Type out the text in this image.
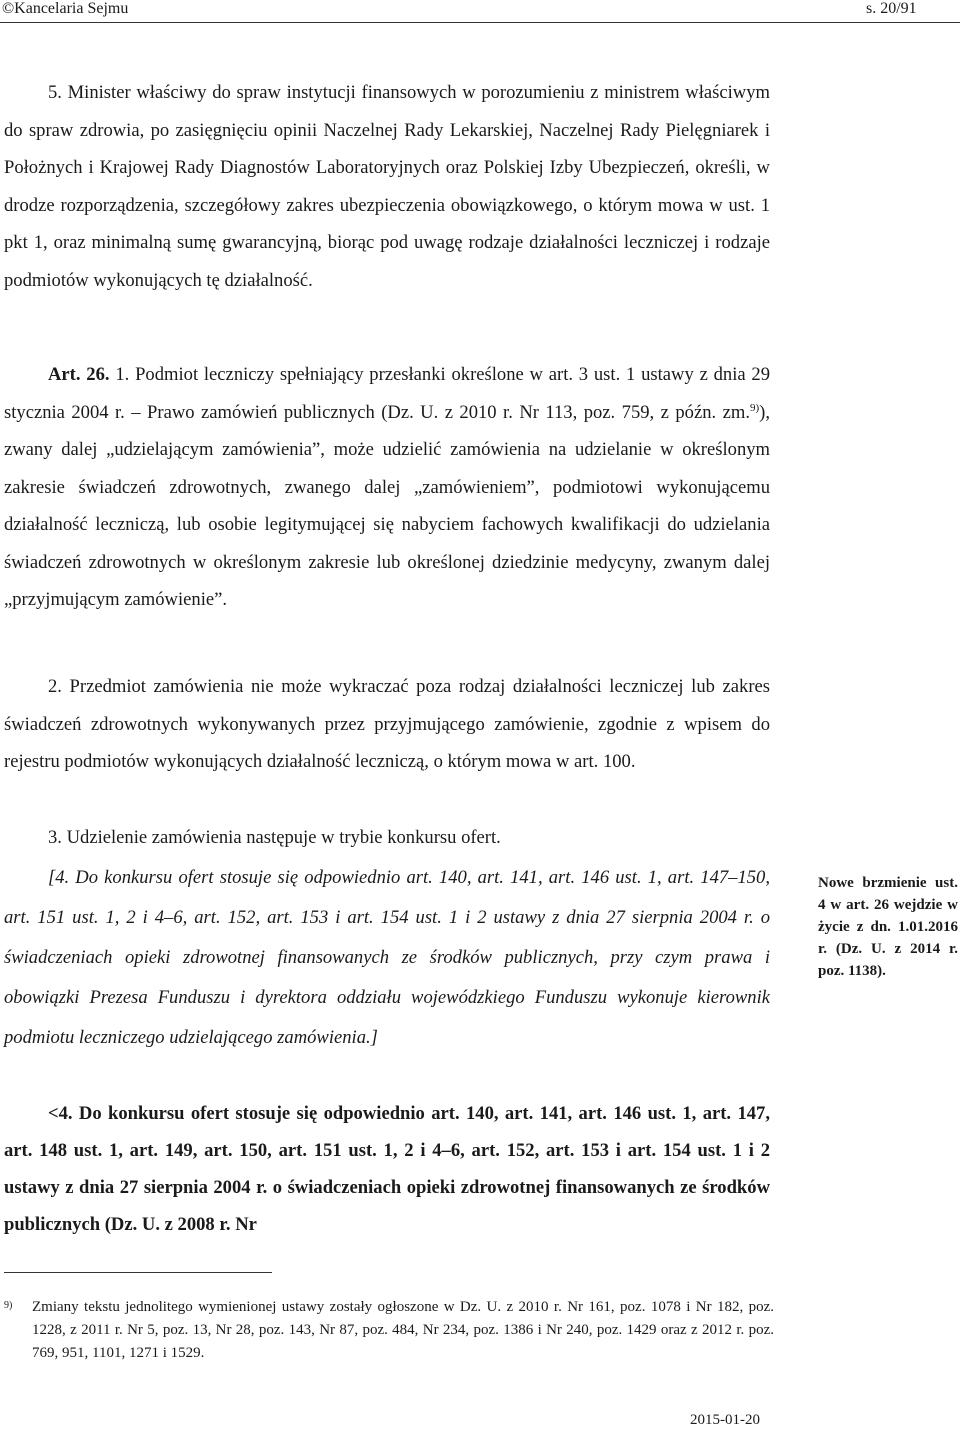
©Kancelaria Sejmu	s. 20/91
5. Minister właściwy do spraw instytucji finansowych w porozumieniu z ministrem właściwym do spraw zdrowia, po zasięgnięciu opinii Naczelnej Rady Lekarskiej, Naczelnej Rady Pielęgniarek i Położnych i Krajowej Rady Diagnostów Laboratoryjnych oraz Polskiej Izby Ubezpieczeń, określi, w drodze rozporządzenia, szczegółowy zakres ubezpieczenia obowiązkowego, o którym mowa w ust. 1 pkt 1, oraz minimalną sumę gwarancyjną, biorąc pod uwagę rodzaje działalności leczniczej i rodzaje podmiotów wykonujących tę działalność.
Art. 26. 1. Podmiot leczniczy spełniający przesłanki określone w art. 3 ust. 1 ustawy z dnia 29 stycznia 2004 r. – Prawo zamówień publicznych (Dz. U. z 2010 r. Nr 113, poz. 759, z późn. zm.$^{9)}$), zwany dalej „udzielającym zamówienia”, może udzielić zamówienia na udzielanie w określonym zakresie świadczeń zdrowotnych, zwanego dalej „zamówieniem”, podmiotowi wykonującemu działalność leczniczą, lub osobie legitymującej się nabyciem fachowych kwalifikacji do udzielania świadczeń zdrowotnych w określonym zakresie lub określonej dziedzinie medycyny, zwanym dalej „przyjmującym zamówienie”.
2. Przedmiot zamówienia nie może wykraczać poza rodzaj działalności leczniczej lub zakres świadczeń zdrowotnych wykonywanych przez przyjmującego zamówienie, zgodnie z wpisem do rejestru podmiotów wykonujących działalność leczniczą, o którym mowa w art. 100.
3. Udzielenie zamówienia następuje w trybie konkursu ofert.
[4. Do konkursu ofert stosuje się odpowiednio art. 140, art. 141, art. 146 ust. 1, art. 147–150, art. 151 ust. 1, 2 i 4–6, art. 152, art. 153 i art. 154 ust. 1 i 2 ustawy z dnia 27 sierpnia 2004 r. o świadczeniach opieki zdrowotnej finansowanych ze środków publicznych, przy czym prawa i obowiązki Prezesa Funduszu i dyrektora oddziału wojewódzkiego Funduszu wykonuje kierownik podmiotu leczniczego udzielającego zamówienia.]
<4. Do konkursu ofert stosuje się odpowiednio art. 140, art. 141, art. 146 ust. 1, art. 147, art. 148 ust. 1, art. 149, art. 150, art. 151 ust. 1, 2 i 4–6, art. 152, art. 153 i art. 154 ust. 1 i 2 ustawy z dnia 27 sierpnia 2004 r. o świadczeniach opieki zdrowotnej finansowanych ze środków publicznych (Dz. U. z 2008 r. Nr
Nowe brzmienie ust. 4 w art. 26 wejdzie w życie z dn. 1.01.2016 r. (Dz. U. z 2014 r. poz. 1138).
9)	Zmiany tekstu jednolitego wymienionej ustawy zostały ogłoszone w Dz. U. z 2010 r. Nr 161, poz. 1078 i Nr 182, poz. 1228, z 2011 r. Nr 5, poz. 13, Nr 28, poz. 143, Nr 87, poz. 484, Nr 234, poz. 1386 i Nr 240, poz. 1429 oraz z 2012 r. poz. 769, 951, 1101, 1271 i 1529.
2015-01-20
